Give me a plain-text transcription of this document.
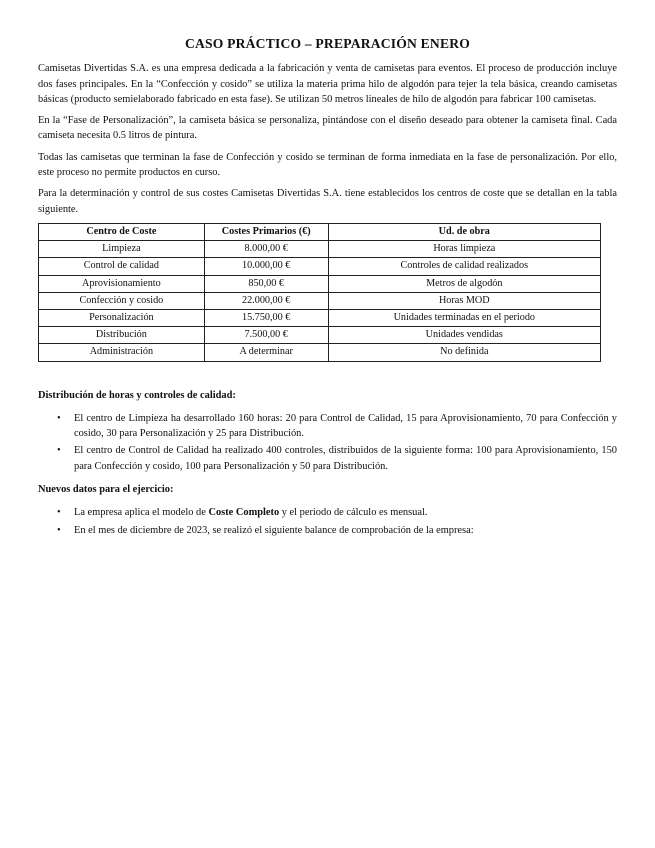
CASO PRÁCTICO – PREPARACIÓN ENERO

Camisetas Divertidas S.A. es una empresa dedicada a la fabricación y venta de camisetas para eventos. El proceso de producción incluye dos fases principales. En la “Confección y cosido” se utiliza la materia prima hilo de algodón para tejer la tela básica, creando camisetas básicas (producto semielaborado fabricado en esta fase). Se utilizan 50 metros lineales de hilo de algodón para fabricar 100 camisetas.

En la “Fase de Personalización”, la camiseta básica se personaliza, pintándose con el diseño deseado para obtener la camiseta final. Cada camiseta necesita 0.5 litros de pintura.

Todas las camisetas que terminan la fase de Confección y cosido se terminan de forma inmediata en la fase de personalización. Por ello, este proceso no permite productos en curso.

Para la determinación y control de sus costes Camisetas Divertidas S.A. tiene establecidos los centros de coste que se detallan en la tabla siguiente.

Centro de Coste	Costes Primarios (€)	Ud. de obra
Limpieza	8.000,00 €	Horas limpieza
Control de calidad	10.000,00 €	Controles de calidad realizados
Aprovisionamiento	850,00 €	Metros de algodón
Confección y cosido	22.000,00 €	Horas MOD
Personalización	15.750,00 €	Unidades terminadas en el periodo
Distribución	7.500,00 €	Unidades vendidas
Administración	A determinar	No definida
Distribución de horas y controles de calidad:
• El centro de Limpieza ha desarrollado 160 horas: 20 para Control de Calidad, 15 para Aprovisionamiento, 70 para Confección y cosido, 30 para Personalización y 25 para Distribución.
• El centro de Control de Calidad ha realizado 400 controles, distribuidos de la siguiente forma: 100 para Aprovisionamiento, 150 para Confección y cosido, 100 para Personalización y 50 para Distribución.
Nuevos datos para el ejercicio:
• La empresa aplica el modelo de Coste Completo y el periodo de cálculo es mensual.
• En el mes de diciembre de 2023, se realizó el siguiente balance de comprobación de la empresa:
